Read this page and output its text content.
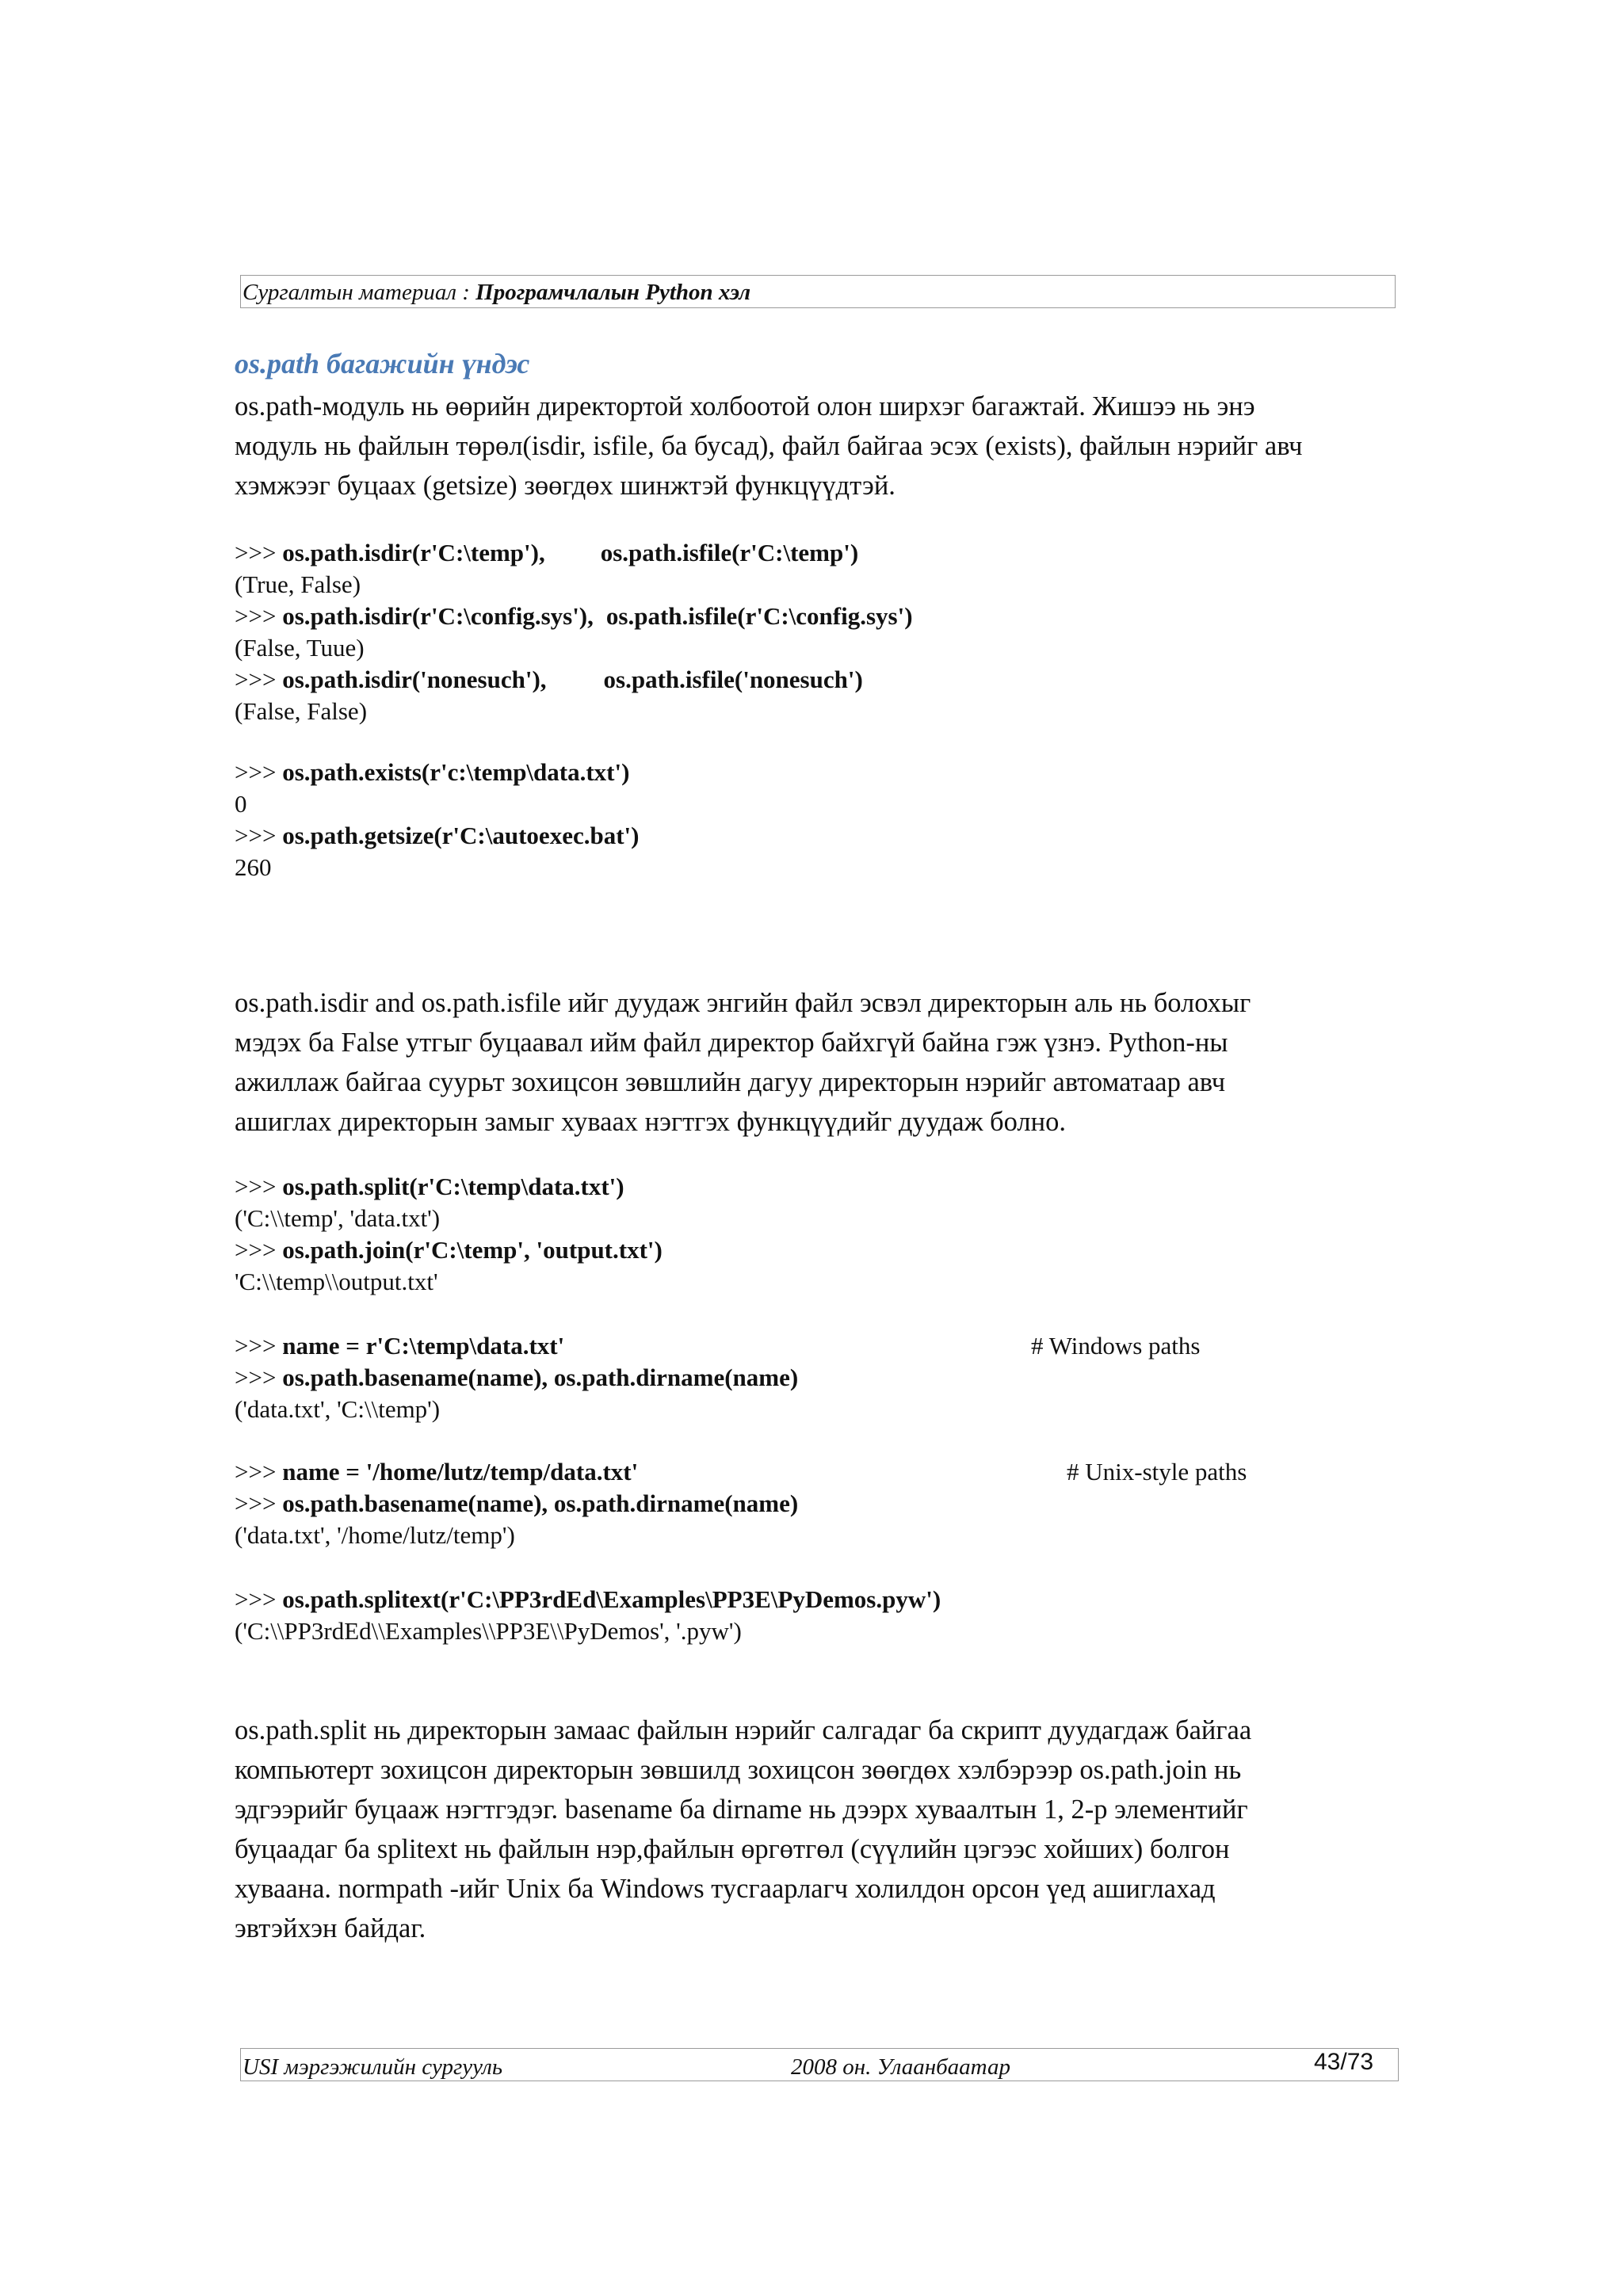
Сургалтын материал : Програмчлалын Python хэл
os.path багажийн үндэс

os.path-модуль нь өөрийн директортой холбоотой олон ширхэг багажтай. Жишээ нь энэ
модуль нь файлын төрөл(isdir, isfile, ба бусад), файл байгаа эсэх (exists), файлын нэрийг авч
хэмжээг буцаах (getsize) зөөгдөх шинжтэй функцүүдтэй.

>>> os.path.isdir(r'C:\temp'), os.path.isfile(r'C:\temp')
(True, False)
>>> os.path.isdir(r'C:\config.sys'), os.path.isfile(r'C:\config.sys')
(False, Tuue)
>>> os.path.isdir('nonesuch'), os.path.isfile('nonesuch')
(False, False)
>>> os.path.exists(r'c:\temp\data.txt')
0
>>> os.path.getsize(r'C:\autoexec.bat')
260

os.path.isdir and os.path.isfile ийг дуудаж энгийн файл эсвэл директорын аль нь болохыг
мэдэх ба False утгыг буцаавал ийм файл директор байхгүй байна гэж үзнэ. Python-ны
ажиллаж байгаа суурьт зохицсон зөвшлийн дагуу директорын нэрийг автоматаар авч
ашиглах директорын замыг хуваах нэгтгэх функцүүдийг дуудаж болно.

>>> os.path.split(r'C:\temp\data.txt')
('C:\\temp', 'data.txt')
>>> os.path.join(r'C:\temp', 'output.txt')
'C:\\temp\\output.txt'
>>> name = r'C:\temp\data.txt'	# Windows paths
>>> os.path.basename(name), os.path.dirname(name)
('data.txt', 'C:\\temp')
>>> name = '/home/lutz/temp/data.txt'	# Unix-style paths
>>> os.path.basename(name), os.path.dirname(name)
('data.txt', '/home/lutz/temp')
>>> os.path.splitext(r'C:\PP3rdEd\Examples\PP3E\PyDemos.pyw')
('C:\\PP3rdEd\\Examples\\PP3E\\PyDemos', '.pyw')

os.path.split нь директорын замаас файлын нэрийг салгадаг ба скрипт дуудагдаж байгаа
компьютерт зохицсон директорын зөвшилд зохицсон зөөгдөх хэлбэрээр os.path.join нь
эдгээрийг буцааж нэгтгэдэг. basename ба dirname нь дээрх хуваалтын 1, 2-р элементийг
буцаадаг ба splitext нь файлын нэр,файлын өргөтгөл (сүүлийн цэгээс хойших) болгон
хуваана. normpath -ийг Unix ба Windows тусгаарлагч холилдон орсон үед ашиглахад
эвтэйхэн байдаг.

USI мэргэжилийн сургууль	2008 он. Улаанбаатар	43/73
